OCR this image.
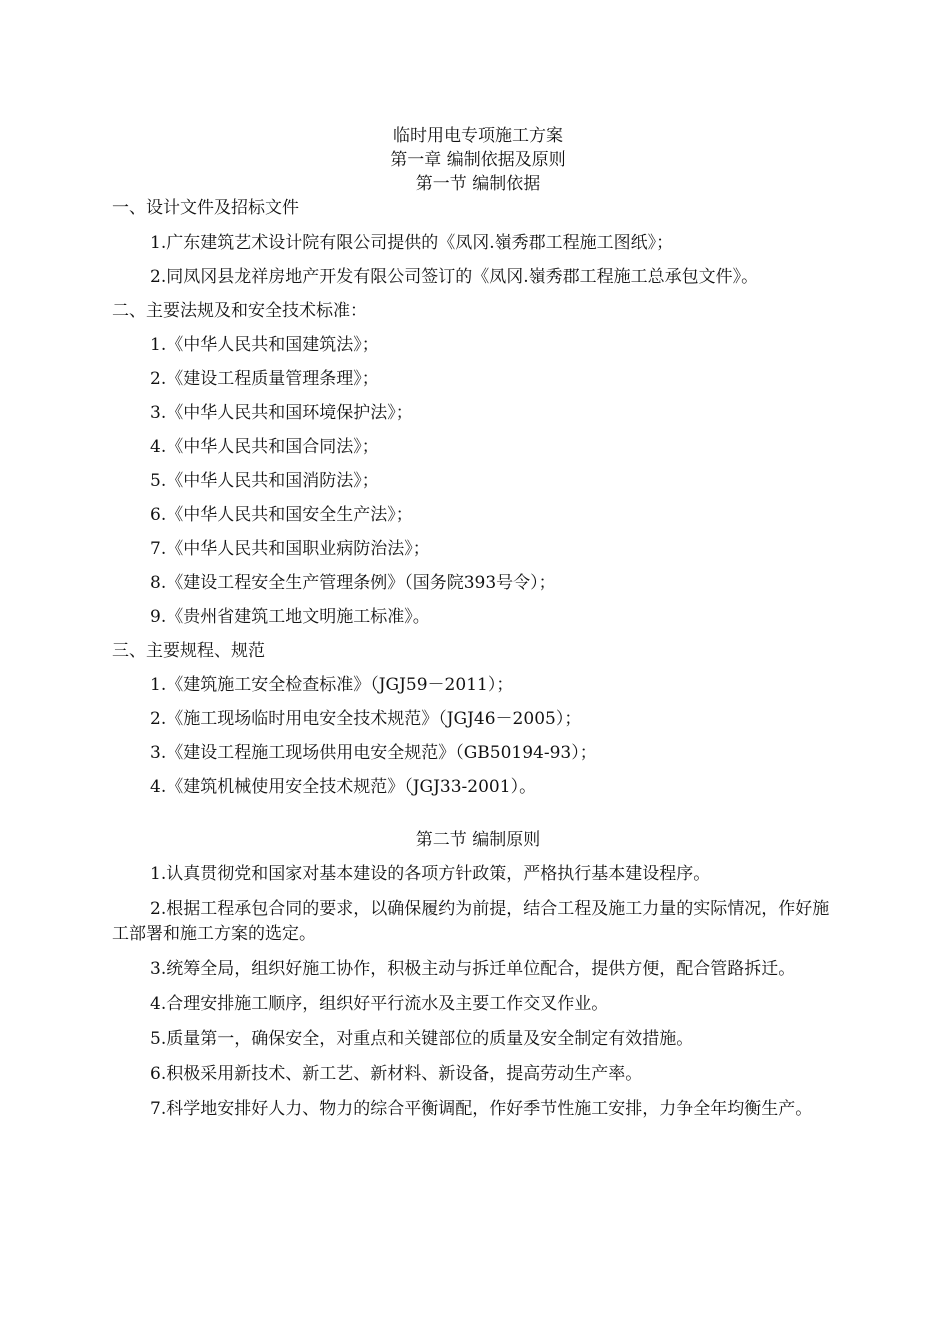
临时用电专项施工方案

第一章 编制依据及原则

第一节 编制依据

一、设计文件及招标文件

1.广东建筑艺术设计院有限公司提供的《凤冈.嶺秀郡工程施工图纸》；

2.同凤冈县龙祥房地产开发有限公司签订的《凤冈.嶺秀郡工程施工总承包文件》。

二、主要法规及和安全技术标准：

1.《中华人民共和国建筑法》；

2.《建设工程质量管理条理》；

3.《中华人民共和国环境保护法》；

4.《中华人民共和国合同法》；

5.《中华人民共和国消防法》；

6.《中华人民共和国安全生产法》；

7.《中华人民共和国职业病防治法》；

8.《建设工程安全生产管理条例》（国务院393号令）；

9.《贵州省建筑工地文明施工标准》。

三、主要规程、规范

1.《建筑施工安全检查标准》（JGJ59－2011）；

2.《施工现场临时用电安全技术规范》（JGJ46－2005）；

3.《建设工程施工现场供用电安全规范》（GB50194-93）；

4.《建筑机械使用安全技术规范》（JGJ33-2001）。

第二节 编制原则

1.认真贯彻党和国家对基本建设的各项方针政策，严格执行基本建设程序。

2.根据工程承包合同的要求，以确保履约为前提，结合工程及施工力量的实际情况，作好施工部署和施工方案的选定。

3.统筹全局，组织好施工协作，积极主动与拆迁单位配合，提供方便，配合管路拆迁。

4.合理安排施工顺序，组织好平行流水及主要工作交叉作业。

5.质量第一，确保安全，对重点和关键部位的质量及安全制定有效措施。

6.积极采用新技术、新工艺、新材料、新设备，提高劳动生产率。

7.科学地安排好人力、物力的综合平衡调配，作好季节性施工安排，力争全年均衡生产。
